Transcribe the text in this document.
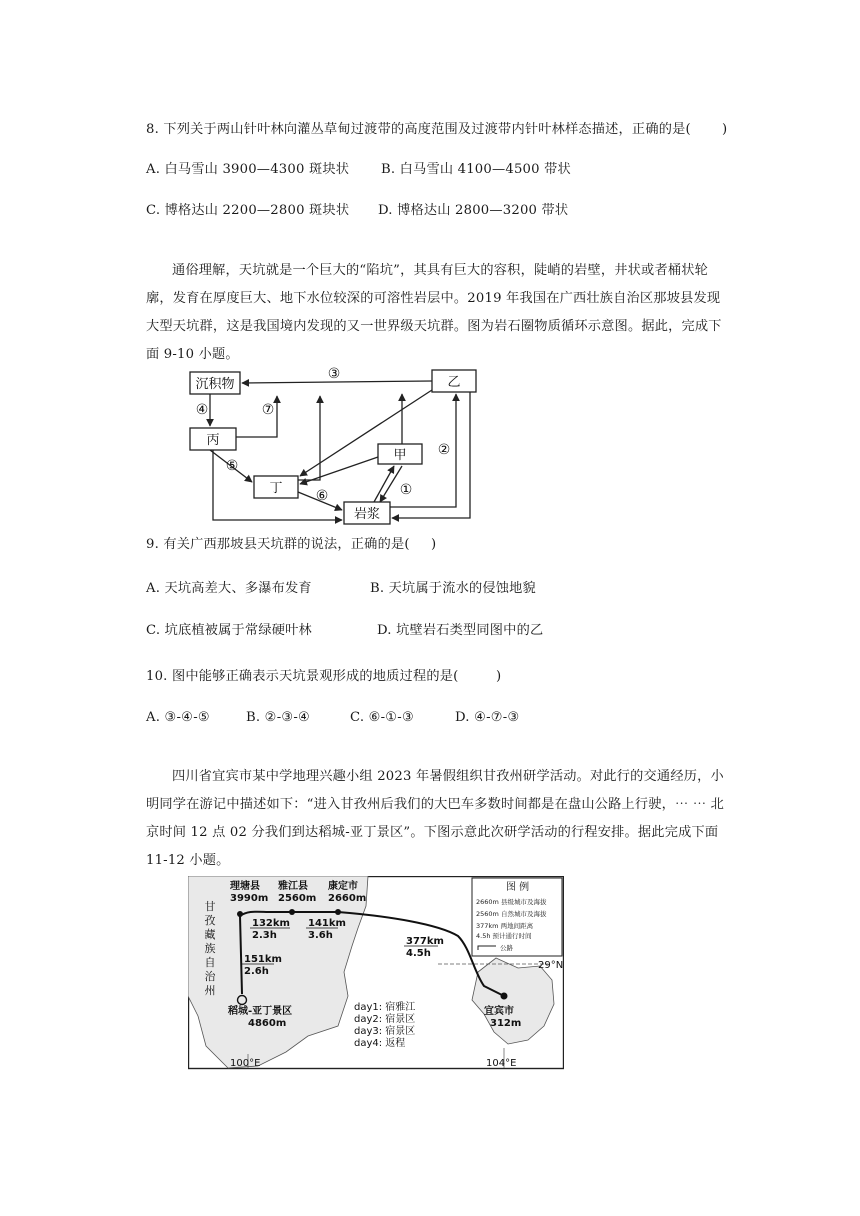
8. 下列关于两山针叶林向灌丛草甸过渡带的高度范围及过渡带内针叶林样态描述，正确的是( )
A. 白马雪山 3900—4300 斑块状 B. 白马雪山 4100—4500 带状
C. 博格达山 2200—2800 斑块状 D. 博格达山 2800—3200 带状
通俗理解，天坑就是一个巨大的“陷坑”，其具有巨大的容积，陡峭的岩壁，井状或者桶状轮
廓，发育在厚度巨大、地下水位较深的可溶性岩层中。2019 年我国在广西壮族自治区那坡县发现
大型天坑群，这是我国境内发现的又一世界级天坑群。图为岩石圈物质循环示意图。据此，完成下
面 9-10 小题。
沉积物	乙
丙
甲
丁
岩浆
①
②
③
④
⑤
⑥
⑦
9. 有关广西那坡县天坑群的说法，正确的是( )
A. 天坑高差大、多瀑布发育	B. 天坑属于流水的侵蚀地貌
C. 坑底植被属于常绿硬叶林	D. 坑壁岩石类型同图中的乙
10. 图中能够正确表示天坑景观形成的地质过程的是(	)
A. ③-④-⑤	B. ②-③-④	C. ⑥-①-③	D. ④-⑦-③
四川省宜宾市某中学地理兴趣小组 2023 年暑假组织甘孜州研学活动。对此行的交通经历，小
明同学在游记中描述如下：“进入甘孜州后我们的大巴车多数时间都是在盘山公路上行驶，⋯ ⋯ 北
京时间 12 点 02 分我们到达稻城-亚丁景区”。下图示意此次研学活动的行程安排。据此完成下面
11-12 小题。
29°N
甘
孜
藏
族
自
治
州
理塘县
3990m
雅江县
2560m
康定市
2660m
宜宾市
312m
稻城-亚丁景区
4860m
132km
2.3h
141km
3.6h
377km
4.5h
151km
2.6h
day1: 宿雅江
day2: 宿景区
day3: 宿景区
day4: 返程
图 例
2660m 县级城市及海拔
2560m 自然城市及海拔
377km 两地间距离
4.5h 预计通行时间
公路
100°E	104°E
